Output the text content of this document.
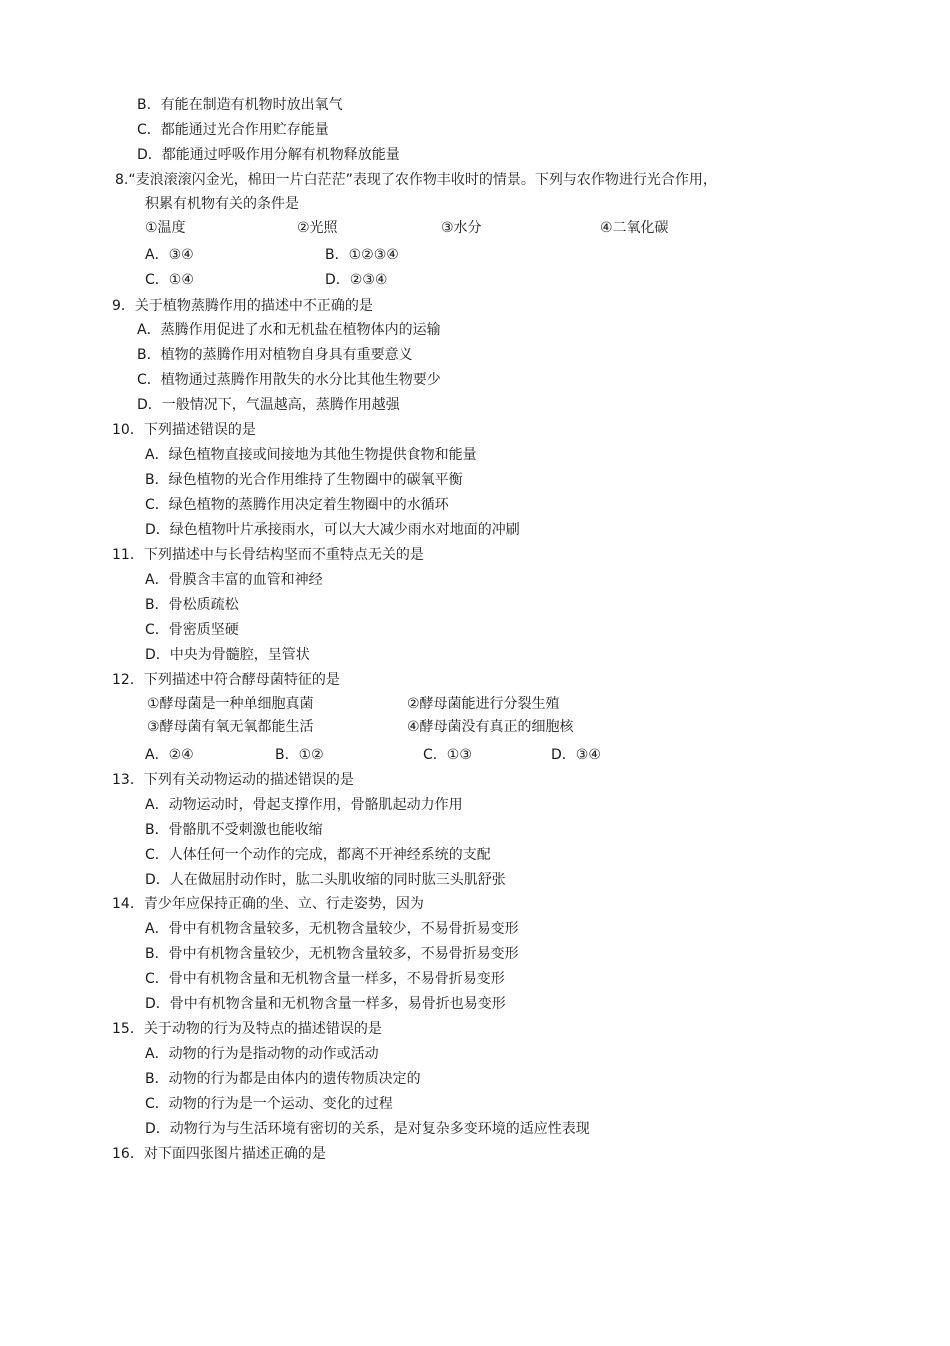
B．有能在制造有机物时放出氧气
C．都能通过光合作用贮存能量
D．都能通过呼吸作用分解有机物释放能量
8.“麦浪滚滚闪金光，棉田一片白茫茫”表现了农作物丰收时的情景。下列与农作物进行光合作用，
积累有机物有关的条件是
①温度	②光照	③水分	④二氧化碳
A．③④	B．①②③④
C．①④	D．②③④
9．关于植物蒸腾作用的描述中不正确的是
A．蒸腾作用促进了水和无机盐在植物体内的运输
B．植物的蒸腾作用对植物自身具有重要意义
C．植物通过蒸腾作用散失的水分比其他生物要少
D．一般情况下，气温越高，蒸腾作用越强
10．下列描述错误的是
A．绿色植物直接或间接地为其他生物提供食物和能量
B．绿色植物的光合作用维持了生物圈中的碳氧平衡
C．绿色植物的蒸腾作用决定着生物圈中的水循环
D．绿色植物叶片承接雨水，可以大大减少雨水对地面的冲刷
11．下列描述中与长骨结构坚而不重特点无关的是
A．骨膜含丰富的血管和神经
B．骨松质疏松
C．骨密质坚硬
D．中央为骨髓腔，呈管状
12．下列描述中符合酵母菌特征的是
①酵母菌是一种单细胞真菌	②酵母菌能进行分裂生殖
③酵母菌有氧无氧都能生活	④酵母菌没有真正的细胞核
A．②④	B．①②	C．①③	D．③④
13．下列有关动物运动的描述错误的是
A．动物运动时，骨起支撑作用，骨骼肌起动力作用
B．骨骼肌不受刺激也能收缩
C．人体任何一个动作的完成，都离不开神经系统的支配
D．人在做屈肘动作时，肱二头肌收缩的同时肱三头肌舒张
14．青少年应保持正确的坐、立、行走姿势，因为
A．骨中有机物含量较多，无机物含量较少，不易骨折易变形
B．骨中有机物含量较少，无机物含量较多，不易骨折易变形
C．骨中有机物含量和无机物含量一样多，不易骨折易变形
D．骨中有机物含量和无机物含量一样多，易骨折也易变形
15．关于动物的行为及特点的描述错误的是
A．动物的行为是指动物的动作或活动
B．动物的行为都是由体内的遗传物质决定的
C．动物的行为是一个运动、变化的过程
D．动物行为与生活环境有密切的关系，是对复杂多变环境的适应性表现
16．对下面四张图片描述正确的是
